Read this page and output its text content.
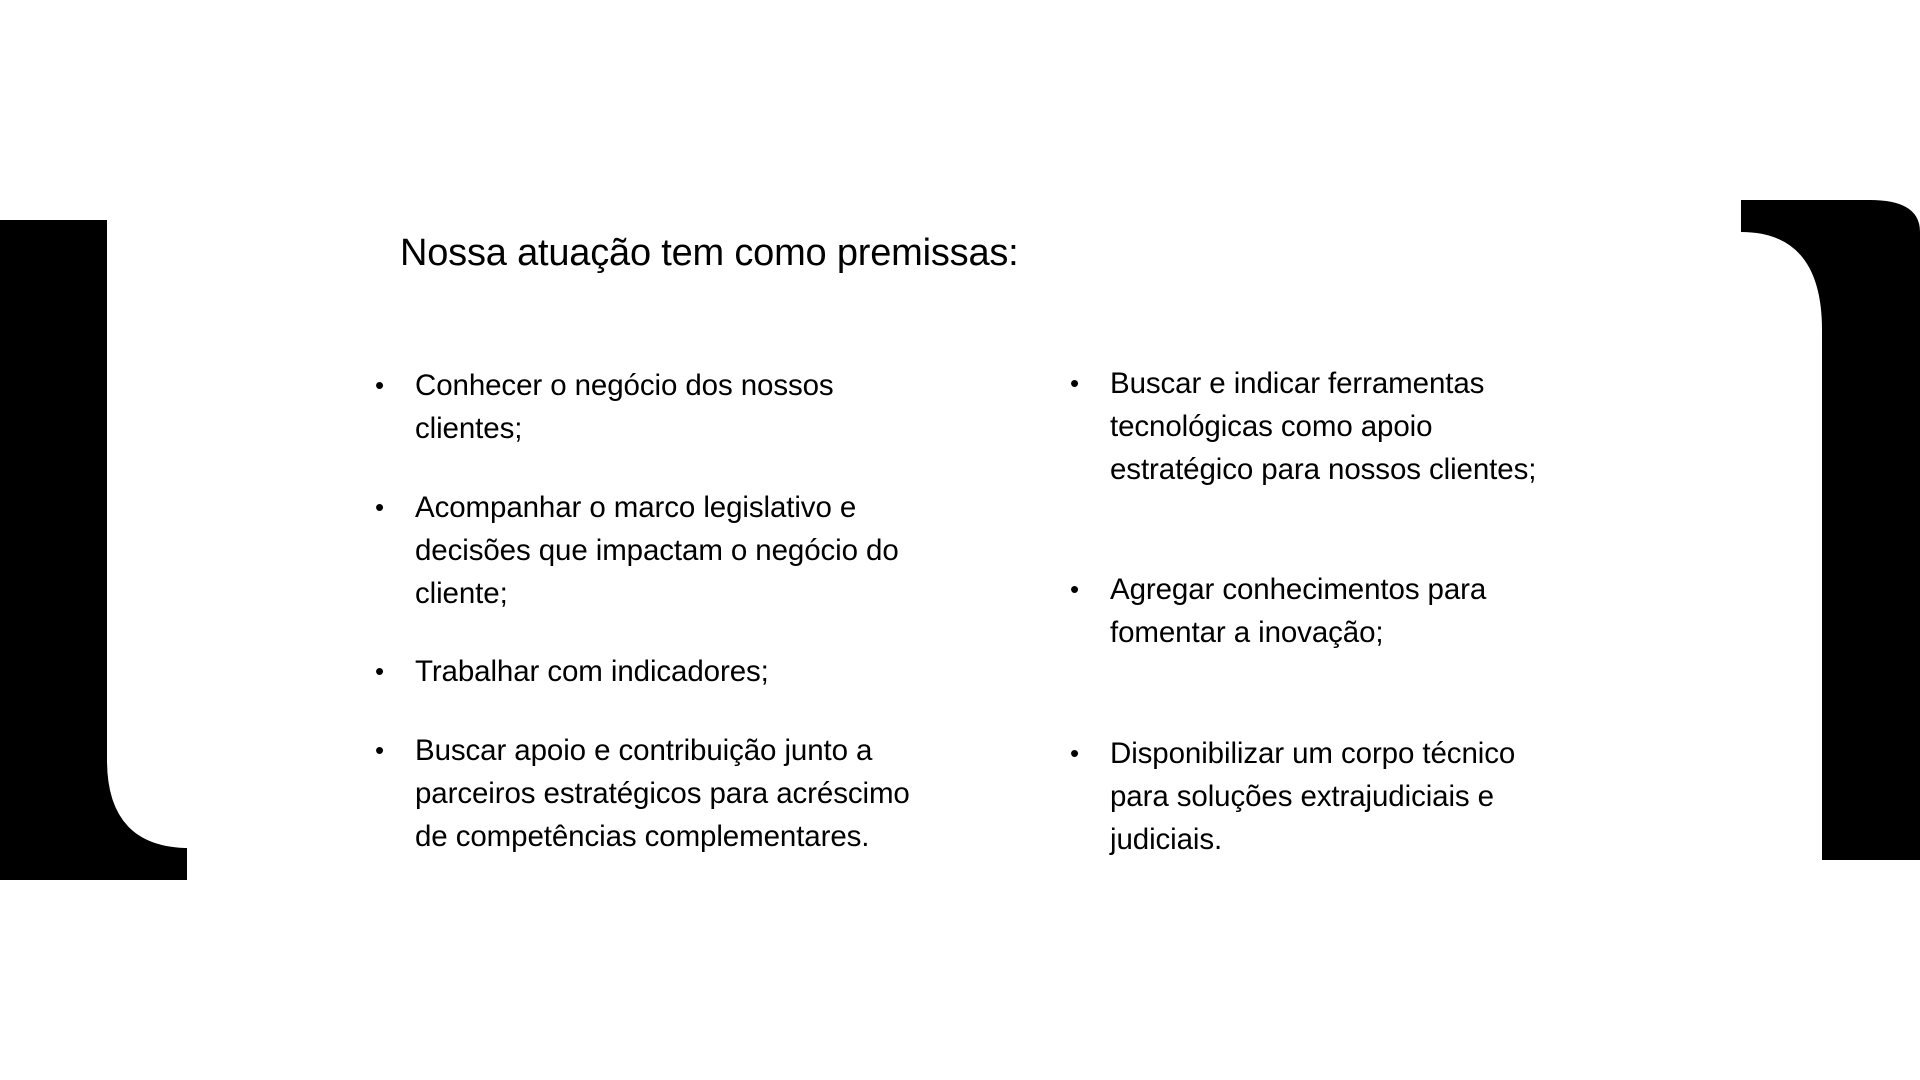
Nossa atuação tem como premissas:
•	Conhecer o negócio dos nossos clientes;
•	Acompanhar o marco legislativo e decisões que impactam o negócio do cliente;
•	Trabalhar com indicadores;
•	Buscar apoio e contribuição junto a parceiros estratégicos para acréscimo de competências complementares.
•	Buscar e indicar ferramentas tecnológicas como apoio estratégico para nossos clientes;
•	Agregar conhecimentos para fomentar a inovação;
•	Disponibilizar um corpo técnico para soluções extrajudiciais e judiciais.
